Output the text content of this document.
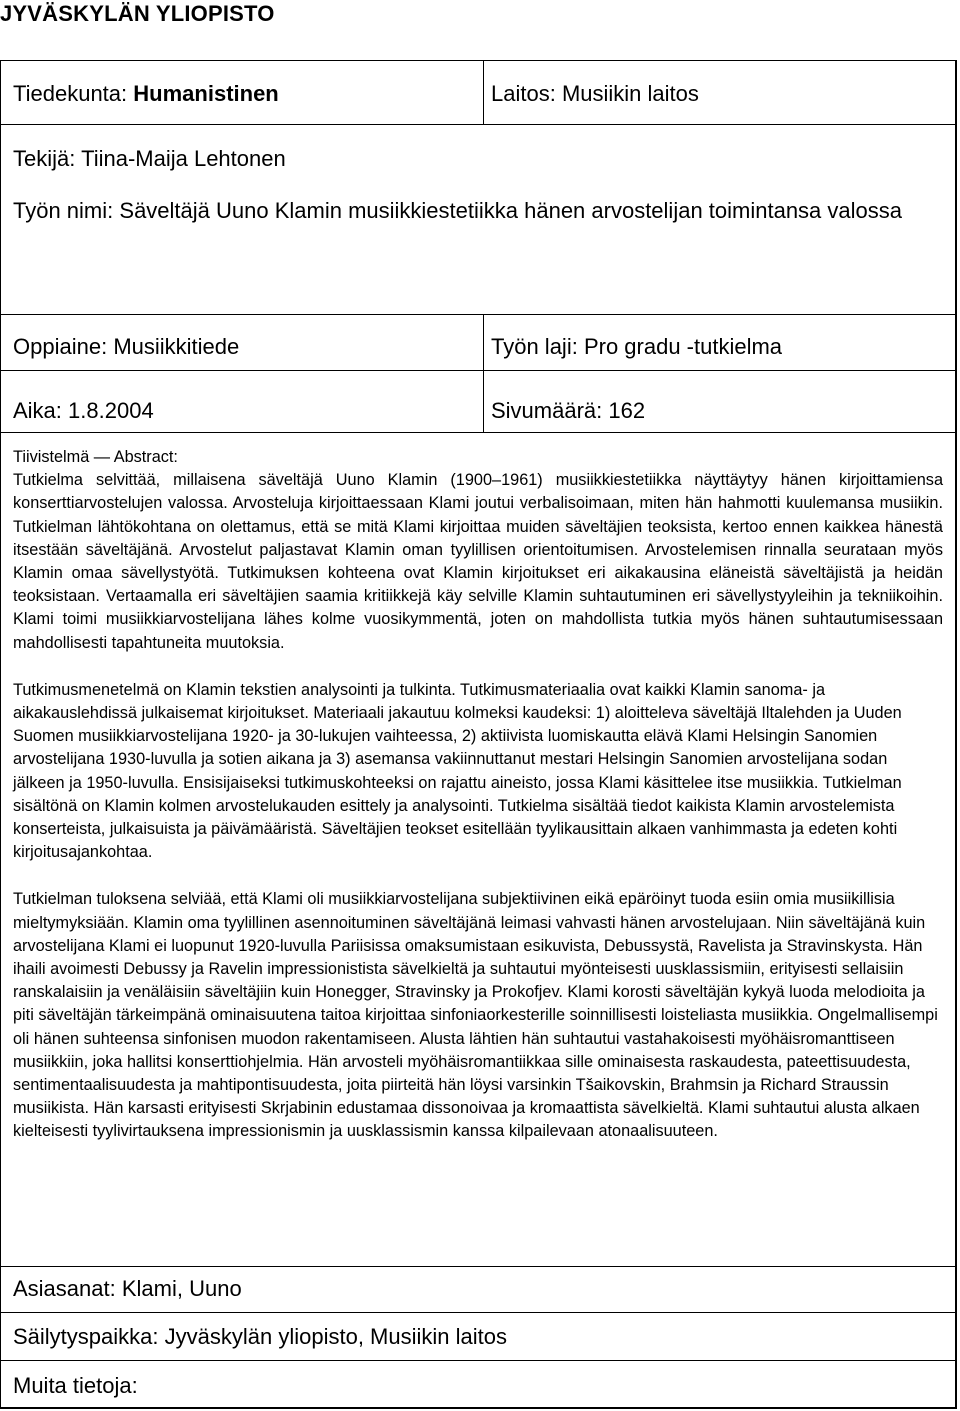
JYVÄSKYLÄN YLIOPISTO
Tiedekunta: Humanistinen	Laitos: Musiikin laitos
Tekijä: Tiina-Maija Lehtonen
Työn nimi: Säveltäjä Uuno Klamin musiikkiestetiikka hänen arvostelijan toimintansa valossa
Oppiaine: Musiikkitiede	Työn laji: Pro gradu -tutkielma
Aika: 1.8.2004	Sivumäärä: 162

Tiivistelmä — Abstract:

Tutkielma selvittää, millaisena säveltäjä Uuno Klamin (1900–1961) musiikkiestetiikka näyttäytyy hänen kirjoittamiensa konserttiarvostelujen valossa. Arvosteluja kirjoittaessaan Klami joutui verbalisoimaan, miten hän hahmotti kuulemansa musiikin. Tutkielman lähtökohtana on olettamus, että se mitä Klami kirjoittaa muiden säveltäjien teoksista, kertoo ennen kaikkea hänestä itsestään säveltäjänä. Arvostelut paljastavat Klamin oman tyylillisen orientoitumisen. Arvostelemisen rinnalla seurataan myös Klamin omaa sävellystyötä. Tutkimuksen kohteena ovat Klamin kirjoitukset eri aikakausina eläneistä säveltäjistä ja heidän teoksistaan. Vertaamalla eri säveltäjien saamia kritiikkejä käy selville Klamin suhtautuminen eri sävellystyyleihin ja tekniikoihin. Klami toimi musiikkiarvostelijana lähes kolme vuosikymmentä, joten on mahdollista tutkia myös hänen suhtautumisessaan mahdollisesti tapahtuneita muutoksia.

Tutkimusmenetelmä on Klamin tekstien analysointi ja tulkinta. Tutkimusmateriaalia ovat kaikki Klamin sanoma- ja aikakauslehdissä julkaisemat kirjoitukset. Materiaali jakautuu kolmeksi kaudeksi: 1) aloitteleva säveltäjä Iltalehden ja Uuden Suomen musiikkiarvostelijana 1920- ja 30-lukujen vaihteessa, 2) aktiivista luomiskautta elävä Klami Helsingin Sanomien arvostelijana 1930-luvulla ja sotien aikana ja 3) asemansa vakiinnuttanut mestari Helsingin Sanomien arvostelijana sodan jälkeen ja 1950-luvulla. Ensisijaiseksi tutkimuskohteeksi on rajattu aineisto, jossa Klami käsittelee itse musiikkia. Tutkielman sisältönä on Klamin kolmen arvostelukauden esittely ja analysointi. Tutkielma sisältää tiedot kaikista Klamin arvostelemista konserteista, julkaisuista ja päivämääristä. Säveltäjien teokset esitellään tyylikausittain alkaen vanhimmasta ja edeten kohti kirjoitusajankohtaa.

Tutkielman tuloksena selviää, että Klami oli musiikkiarvostelijana subjektiivinen eikä epäröinyt tuoda esiin omia musiikillisia mieltymyksiään. Klamin oma tyylillinen asennoituminen säveltäjänä leimasi vahvasti hänen arvostelujaan. Niin säveltäjänä kuin arvostelijana Klami ei luopunut 1920-luvulla Pariisissa omaksumistaan esikuvista, Debussystä, Ravelista ja Stravinskysta. Hän ihaili avoimesti Debussy ja Ravelin impressionistista sävelkieltä ja suhtautui myönteisesti uusklassismiin, erityisesti sellaisiin ranskalaisiin ja venäläisiin säveltäjiin kuin Honegger, Stravinsky ja Prokofjev. Klami korosti säveltäjän kykyä luoda melodioita ja piti säveltäjän tärkeimpänä ominaisuutena taitoa kirjoittaa sinfoniaorkesterille soinnillisesti loisteliasta musiikkia. Ongelmallisempi oli hänen suhteensa sinfonisen muodon rakentamiseen. Alusta lähtien hän suhtautui vastahakoisesti myöhäisromanttiseen musiikkiin, joka hallitsi konserttiohjelmia. Hän arvosteli myöhäisromantiikkaa sille ominaisesta raskaudesta, pateettisuudesta, sentimentaalisuudesta ja mahtipontisuudesta, joita piirteitä hän löysi varsinkin Tšaikovskin, Brahmsin ja Richard Straussin musiikista. Hän karsasti erityisesti Skrjabinin edustamaa dissonoivaa ja kromaattista sävelkieltä. Klami suhtautui alusta alkaen kielteisesti tyylivirtauksena impressionismin ja uusklassismin kanssa kilpailevaan atonaalisuuteen.

Asiasanat: Klami, Uuno
Säilytyspaikka: Jyväskylän yliopisto, Musiikin laitos
Muita tietoja:
